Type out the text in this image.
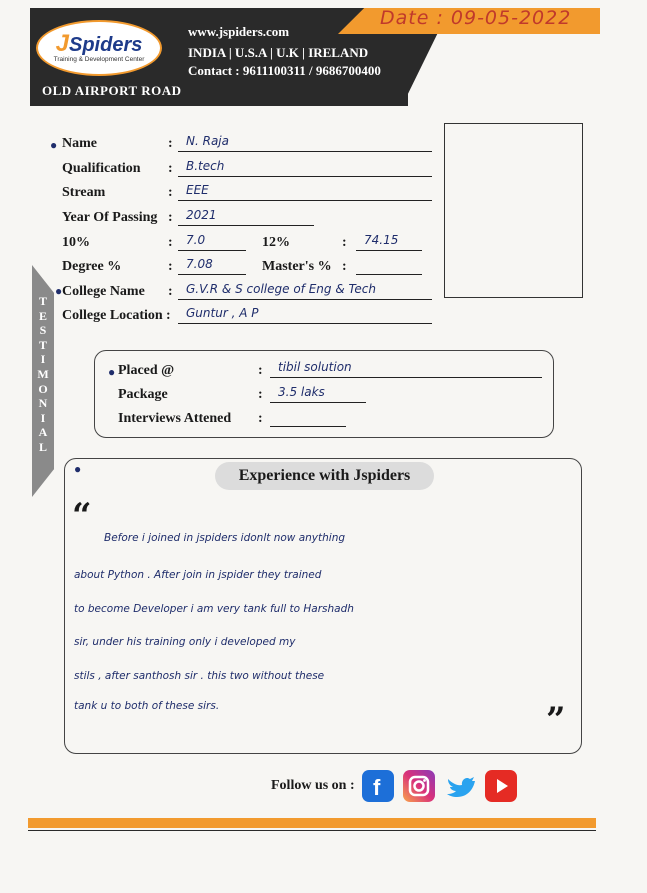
Date : 09-05-2022
JSpiders
Training & Development Center
OLD AIRPORT ROAD
www.jspiders.com
INDIA | U.S.A | U.K | IRELAND
Contact : 9611100311 / 9686700400
● Name	:	N. Raja
Qualification :	B.tech
Stream	:	EEE
Year Of Passing :	2021
10%	:	7.0	12%	:	74.15
Degree %	:	7.08	Master's % :
● College Name :	G.V.R & S college of Eng & Tech
College Location :	Guntur , A P
T
E
S
T
I
M
O
N
I
A
L
● Placed @	:	tibil solution
Package	:	3.5 laks
Interviews Attened :
●	Experience with Jspiders
“
Before i joined in jspiders idonlt now anything
about Python . After join in jspider they trained
to become Developer i am very tank full to Harshadh
sir, under his training only i developed my
stils , after santhosh sir . this two without these
tank u to both of these sirs.	”
Follow us on : f
